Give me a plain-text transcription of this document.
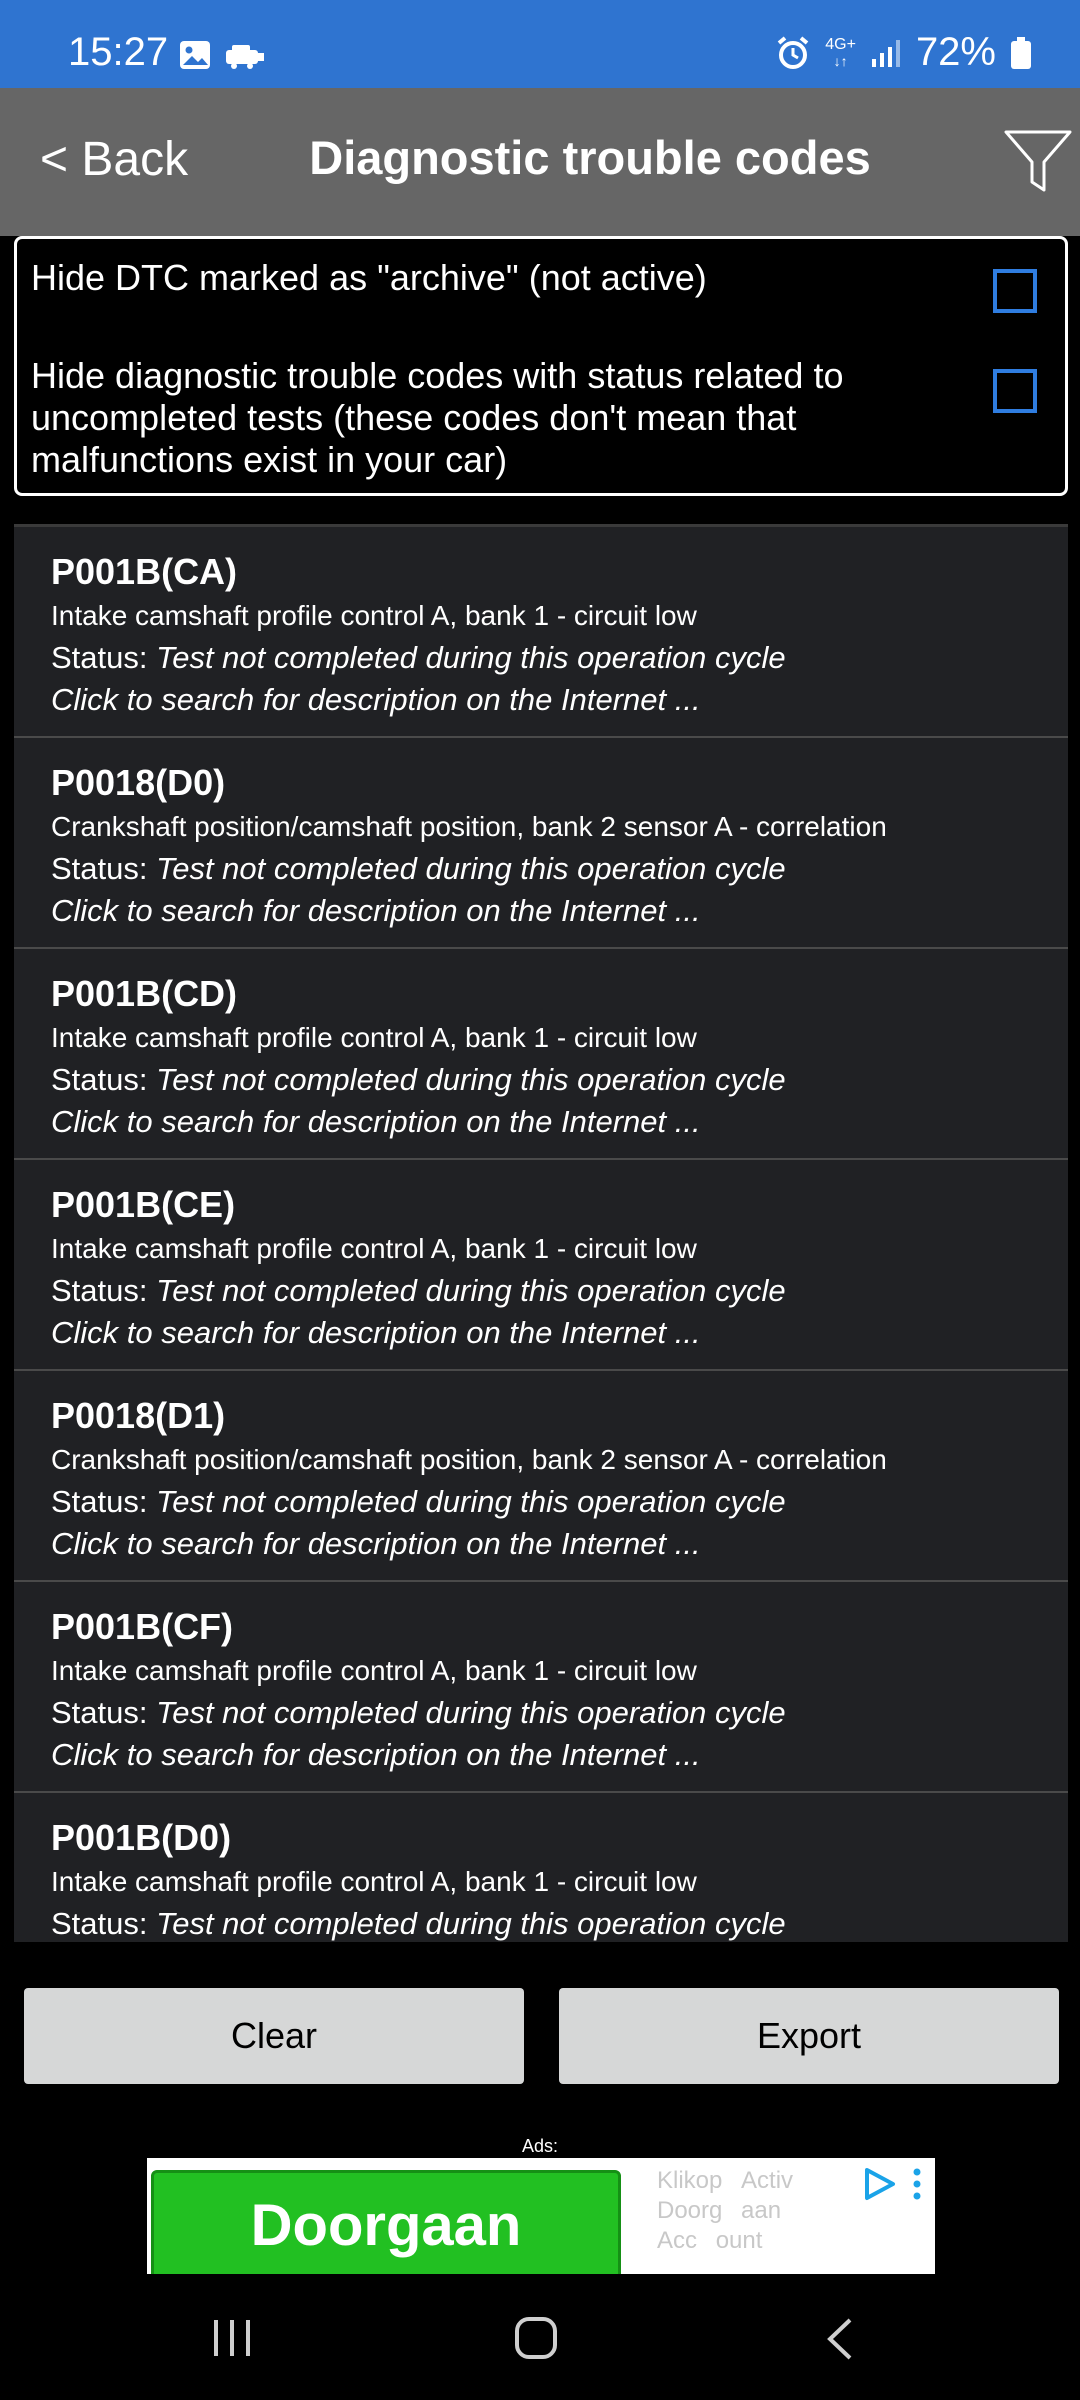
15:27	4G+
↓↑ 72%
< Back	Diagnostic trouble codes
Hide DTC marked as "archive" (not active)
Hide diagnostic trouble codes with status related to uncompleted tests (these codes don't mean that malfunctions exist in your car)
P001B(CA)
Intake camshaft profile control A, bank 1 - circuit low
Status: Test not completed during this operation cycle
Click to search for description on the Internet ...
P0018(D0)
Crankshaft position/camshaft position, bank 2 sensor A - correlation
Status: Test not completed during this operation cycle
Click to search for description on the Internet ...
P001B(CD)
Intake camshaft profile control A, bank 1 - circuit low
Status: Test not completed during this operation cycle
Click to search for description on the Internet ...
P001B(CE)
Intake camshaft profile control A, bank 1 - circuit low
Status: Test not completed during this operation cycle
Click to search for description on the Internet ...
P0018(D1)
Crankshaft position/camshaft position, bank 2 sensor A - correlation
Status: Test not completed during this operation cycle
Click to search for description on the Internet ...
P001B(CF)
Intake camshaft profile control A, bank 1 - circuit low
Status: Test not completed during this operation cycle
Click to search for description on the Internet ...
P001B(D0)
Intake camshaft profile control A, bank 1 - circuit low
Status: Test not completed during this operation cycle
Clear	Export
Ads:
Doorgaan
Klikop Activ
Doorg aan
Acc ount
